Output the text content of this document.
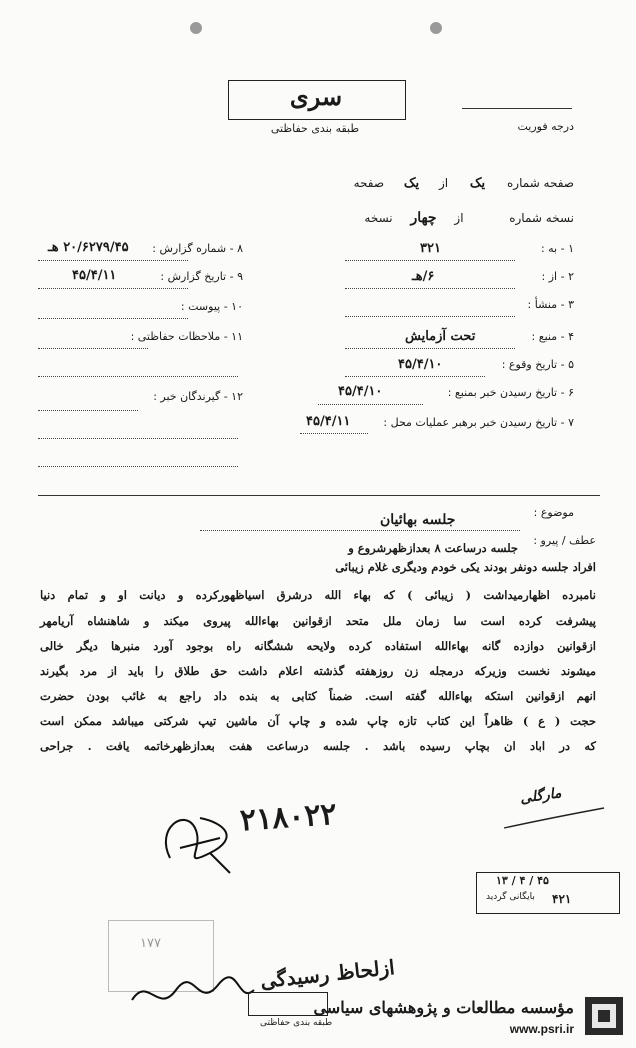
سری
طبقه بندی حفاظتی	درجه فوریت
صفحه شماره یک از یک صفحه
نسخه شماره  از چهار نسخه
۱ - به :
۳۲۱
۲ - از :
۶/هـ
۳ - منشأ :
۴ - منبع :
تحت آزمایش
۵ - تاریخ وقوع :
۴۵/۴/۱۰
۶ - تاریخ رسیدن خبر بمنبع :
۴۵/۴/۱۰
۷ - تاریخ رسیدن خبر برهبر عملیات محل :
۴۵/۴/۱۱
۸ - شماره گزارش :
۲۰/۶۲۷۹/۴۵ هـ
۹ - تاریخ گزارش :
۴۵/۴/۱۱
۱۰ - پیوست :
۱۱ - ملاحظات حفاظتی :
۱۲ - گیرندگان خبر :
موضوع :
جلسه بهائیان
عطف / پیرو :
جلسه درساعت ۸ بعدازظهرشروع و
افراد جلسه دونفر بودند یکی خودم ودیگری غلام زیبائی
نامبرده اظهارمیداشت ( زیبائی ) که بهاء الله درشرق اسیاظهورکرده و دیانت او و تمام دنیا
پیشرفت کرده است سا زمان ملل متحد ازقوانین بهاءالله پیروی میکند و شاهنشاه آریامهر
ازقوانین دوازده گانه بهاءالله استفاده کرده ولایحه ششگانه راه بوجود آورد منبرها دیگر خالی
میشوند نخست وزیرکه درمجله زن روزهفته گذشته اعلام داشت حق طلاق را باید از مرد بگیرند
انهم ازقوانین استکه بهاءالله گفته است. ضمناً کتابی به بنده داد راجع به غائب بودن حضرت
حجت ( ع ) ظاهراً این کتاب تازه چاپ شده و چاپ آن ماشین تیپ شرکتی میباشد ممکن است
که در اباد ان بچاپ رسیده باشد . جلسه درساعت هفت بعدازظهرخاتمه یافت . جراحی
مارگلی
۲۱۸۰۲۲
۱۳ / ۴ / ۴۵
۴۲۱
بایگانی گردید
۱۷۷
ازلحاظ رسیدگی
طبقه بندی حفاظتی
مؤسسه مطالعات و پژوهشهای سیاسی
www.psri.ir
